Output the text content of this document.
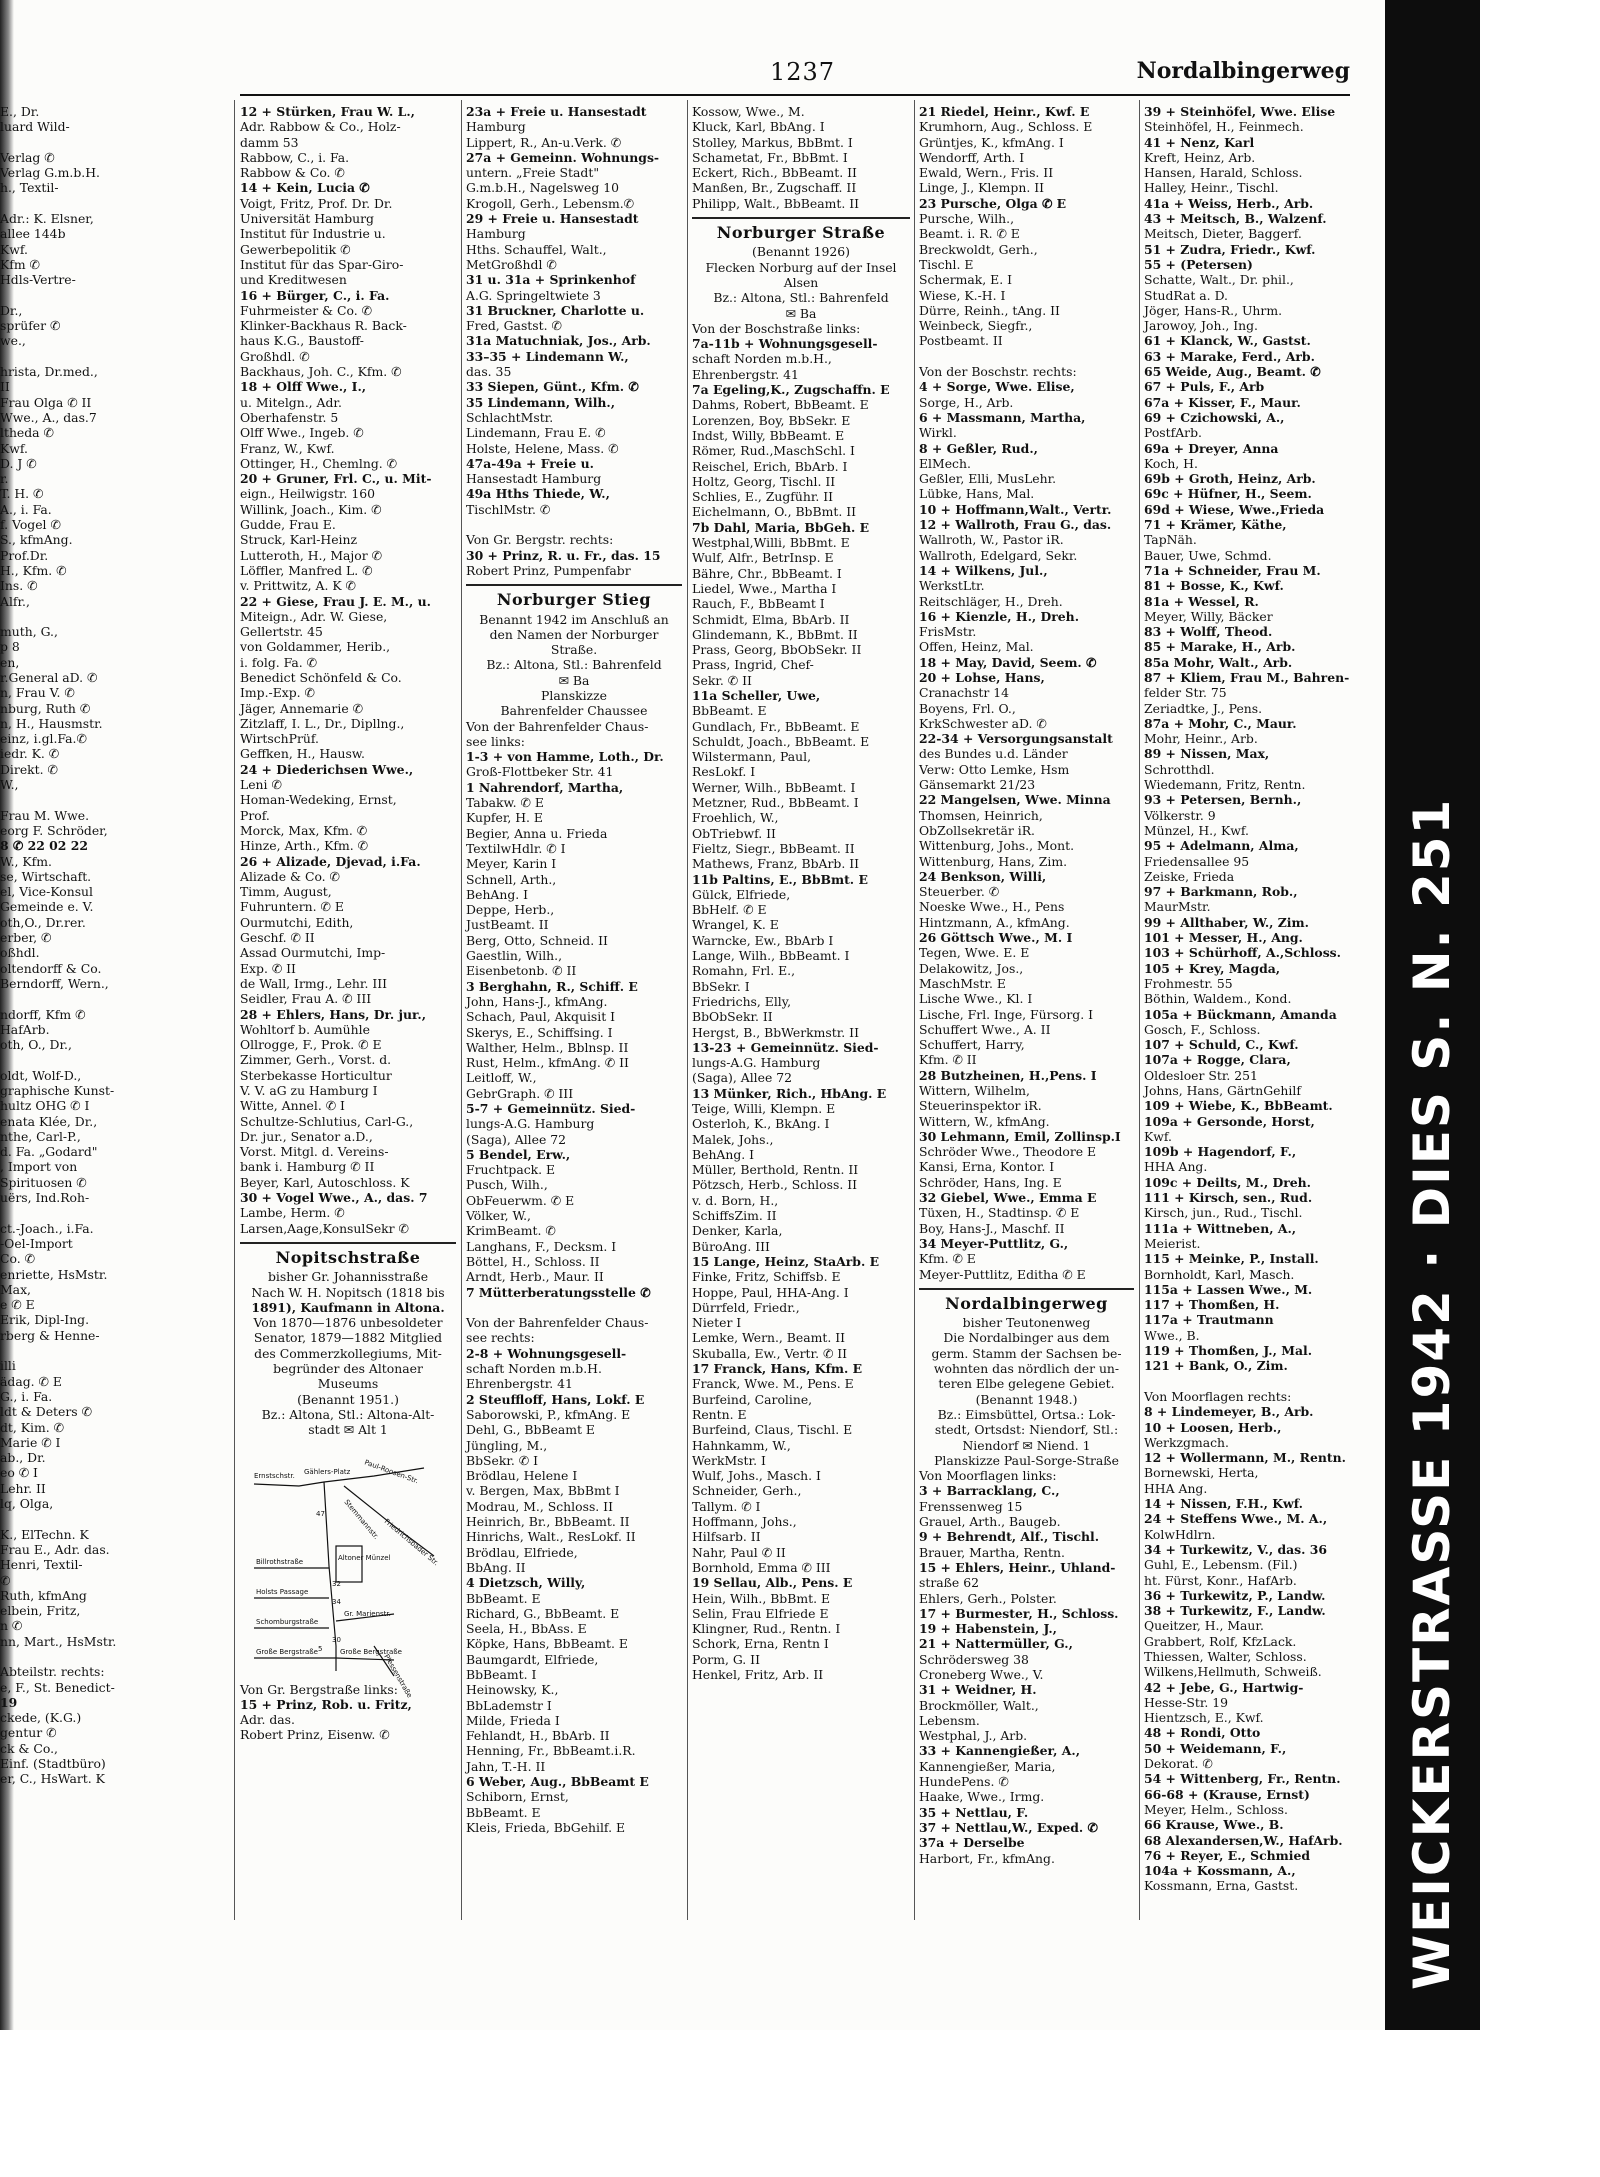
1237	Nordalbingerweg
E., Dr.
luard Wild-

Verlag ✆
Verlag G.m.b.H.
h., Textil-

Adr.: K. Elsner,
allee 144b
Kwf.
Kfm ✆
Hdls-Vertre-

Dr.,
sprüfer ✆
we.,

hrista, Dr.med.,
II
Frau Olga ✆ II
Wwe., A., das.7
ltheda ✆
Kwf.
D. J ✆
r.
T. H. ✆
A., i. Fa.
f. Vogel ✆
S., kfmAng.
Prof.Dr.
H., Kfm. ✆
Ins. ✆
Alfr.,

muth, G.,
p 8
en,
r.General aD. ✆
n, Frau V. ✆
nburg, Ruth ✆
n, H., Hausmstr.
einz, i.gl.Fa.✆
iedr. K. ✆
Direkt. ✆
W.,

Frau M. Wwe.
eorg F. Schröder,
8 ✆ 22 02 22
W., Kfm.
se, Wirtschaft.
el, Vice-Konsul
Gemeinde e. V.
oth,O., Dr.rer.
erber, ✆
oßhdl.
oltendorff & Co.
Berndorff, Wern.,

ndorff, Kfm ✆
HafArb.
oth, O., Dr.,

oldt, Wolf-D.,
graphische Kunst-
hultz OHG ✆ I
enata Klée, Dr.,
nthe, Carl-P.,
d. Fa. „Godard"
, Import von
Spirituosen ✆
uërs, Ind.Roh-

ct.-Joach., i.Fa.
-Oel-Import
Co. ✆
enriette, HsMstr.
Max,
e ✆ E
Erik, Dipl-Ing.
rberg & Henne-

illi
ädag. ✆ E
G., i. Fa.
ldt & Deters ✆
dt, Kim. ✆
Marie ✆ I
ab., Dr.
eo ✆ I
Lehr. II
lq, Olga,

K., ElTechn. K
Frau E., Adr. das.
Henri, Textil-
✆
Ruth, kfmAng
elbein, Fritz,
n ✆
nn, Mart., HsMstr.

Abteilstr. rechts:
e, F., St. Benedict-
19
ckede, (K.G.)
gentur ✆
ck & Co.,
Einf. (Stadtbüro)
er, C., HsWart. K
12 + Stürken, Frau W. L.,
Adr. Rabbow & Co., Holz-
damm 53
Rabbow, C., i. Fa.
Rabbow & Co. ✆
14 + Kein, Lucia ✆
Voigt, Fritz, Prof. Dr. Dr.
Universität Hamburg
Institut für Industrie u.
Gewerbepolitik ✆
Institut für das Spar-Giro-
und Kreditwesen
16 + Bürger, C., i. Fa.
Fuhrmeister & Co. ✆
Klinker-Backhaus R. Back-
haus K.G., Baustoff-
Großhdl. ✆
Backhaus, Joh. C., Kfm. ✆
18 + Olff Wwe., I.,
u. Mitelgn., Adr.
Oberhafenstr. 5
Olff Wwe., Ingeb. ✆
Franz, W., Kwf.
Ottinger, H., Chemlng. ✆
20 + Gruner, Frl. C., u. Mit-
eign., Heilwigstr. 160
Willink, Joach., Kim. ✆
Gudde, Frau E.
Struck, Karl-Heinz
Lutteroth, H., Major ✆
Löffler, Manfred L. ✆
v. Prittwitz, A. K ✆
22 + Giese, Frau J. E. M., u.
Miteign., Adr. W. Giese,
Gellertstr. 45
von Goldammer, Herib.,
i. folg. Fa. ✆
Benedict Schönfeld & Co.
Imp.-Exp. ✆
Jäger, Annemarie ✆
Zitzlaff, I. L., Dr., Dipllng.,
WirtschPrüf.
Geffken, H., Hausw.
24 + Diederichsen Wwe.,
Leni ✆
Homan-Wedeking, Ernst,
Prof.
Morck, Max, Kfm. ✆
Hinze, Arth., Kfm. ✆
26 + Alizade, Djevad, i.Fa.
Alizade & Co. ✆
Timm, August,
Fuhruntern. ✆ E
Ourmutchi, Edith,
Geschf. ✆ II
Assad Ourmutchi, Imp-
Exp. ✆ II
de Wall, Irmg., Lehr. III
Seidler, Frau A. ✆ III
28 + Ehlers, Hans, Dr. jur.,
Wohltorf b. Aumühle
Ollrogge, F., Prok. ✆ E
Zimmer, Gerh., Vorst. d.
Sterbekasse Horticultur
V. V. aG zu Hamburg I
Witte, Annel. ✆ I
Schultze-Schlutius, Carl-G.,
Dr. jur., Senator a.D.,
Vorst. Mitgl. d. Vereins-
bank i. Hamburg ✆ II
Beyer, Karl, Autoschloss. K
30 + Vogel Wwe., A., das. 7
Lambe, Herm. ✆
Larsen,Aage,KonsulSekr ✆
Nopitschstraße
bisher Gr. Johannisstraße
Nach W. H. Nopitsch (1818 bis
1891), Kaufmann in Altona.
Von 1870—1876 unbesoldeter
Senator, 1879—1882 Mitglied
des Commerzkollegiums, Mit-
begründer des Altonaer
Museums
(Benannt 1951.)
Bz.: Altona, Stl.: Altona-Alt-
stadt ✉ Alt 1
Ernstschstr. Gählers-Platz Paul-Roosen-Str.
Stemmannstr. Friedrichsbader Str.
Altoner Münzel
Billrothstraße
Holsts Passage
Schomburgstraße
Gr. Marienstr.
Große Bergstraße	Große Bergstraße
Plessenstraße
47
32
34
30
5
Von Gr. Bergstraße links:
15 + Prinz, Rob. u. Fritz,
Adr. das.
Robert Prinz, Eisenw. ✆
23a + Freie u. Hansestadt
Hamburg
Lippert, R., An-u.Verk. ✆
27a + Gemeinn. Wohnungs-
untern. „Freie Stadt"
G.m.b.H., Nagelsweg 10
Krogoll, Gerh., Lebensm.✆
29 + Freie u. Hansestadt
Hamburg
Hths. Schauffel, Walt.,
MetGroßhdl ✆
31 u. 31a + Sprinkenhof
A.G. Springeltwiete 3
31 Bruckner, Charlotte u.
Fred, Gastst. ✆
31a Matuchniak, Jos., Arb.
33–35 + Lindemann W.,
das. 35
33 Siepen, Günt., Kfm. ✆
35 Lindemann, Wilh.,
SchlachtMstr.
Lindemann, Frau E. ✆
Holste, Helene, Mass. ✆
47a-49a + Freie u.
Hansestadt Hamburg
49a Hths Thiede, W.,
TischlMstr. ✆

Von Gr. Bergstr. rechts:
30 + Prinz, R. u. Fr., das. 15
Robert Prinz, Pumpenfabr
Norburger Stieg
Benannt 1942 im Anschluß an
den Namen der Norburger
Straße.
Bz.: Altona, Stl.: Bahrenfeld
✉ Ba
Planskizze
Bahrenfelder Chaussee
Von der Bahrenfelder Chaus-
see links:
1-3 + von Hamme, Loth., Dr.
Groß-Flottbeker Str. 41
1 Nahrendorf, Martha,
Tabakw. ✆ E
Kupfer, H. E
Begier, Anna u. Frieda
TextilwHdlr. ✆ I
Meyer, Karin I
Schnell, Arth.,
BehAng. I
Deppe, Herb.,
JustBeamt. II
Berg, Otto, Schneid. II
Gaestlin, Wilh.,
Eisenbetonb. ✆ II
3 Berghahn, R., Schiff. E
John, Hans-J., kfmAng.
Schach, Paul, Akquisit I
Skerys, E., Schiffsing. I
Walther, Helm., Bblnsp. II
Rust, Helm., kfmAng. ✆ II
Leitloff, W.,
GebrGraph. ✆ III
5-7 + Gemeinnütz. Sied-
lungs-A.G. Hamburg
(Saga), Allee 72
5 Bendel, Erw.,
Fruchtpack. E
Pusch, Wilh.,
ObFeuerwm. ✆ E
Völker, W.,
KrimBeamt. ✆
Langhans, F., Decksm. I
Böttel, H., Schloss. II
Arndt, Herb., Maur. II
7 Mütterberatungsstelle ✆

Von der Bahrenfelder Chaus-
see rechts:
2-8 + Wohnungsgesell-
schaft Norden m.b.H.
Ehrenbergstr. 41
2 Steuffloff, Hans, Lokf. E
Saborowski, P., kfmAng. E
Dehl, G., BbBeamt E
Jüngling, M.,
BbSekr. ✆ I
Brödlau, Helene I
v. Bergen, Max, BbBmt I
Modrau, M., Schloss. II
Heinrich, Br., BbBeamt. II
Hinrichs, Walt., ResLokf. II
Brödlau, Elfriede,
BbAng. II
4 Dietzsch, Willy,
BbBeamt. E
Richard, G., BbBeamt. E
Seela, H., BbAss. E
Köpke, Hans, BbBeamt. E
Baumgardt, Elfriede,
BbBeamt. I
Heinowsky, K.,
BbLademstr I
Milde, Frieda I
Fehlandt, H., BbArb. II
Henning, Fr., BbBeamt.i.R.
Jahn, T.-H. II
6 Weber, Aug., BbBeamt E
Schiborn, Ernst,
BbBeamt. E
Kleis, Frieda, BbGehilf. E
Kossow, Wwe., M.
Kluck, Karl, BbAng. I
Stolley, Markus, BbBmt. I
Schametat, Fr., BbBmt. I
Eckert, Rich., BbBeamt. II
Manßen, Br., Zugschaff. II
Philipp, Walt., BbBeamt. II
Norburger Straße
(Benannt 1926)
Flecken Norburg auf der Insel
Alsen
Bz.: Altona, Stl.: Bahrenfeld
✉ Ba
Von der Boschstraße links:
7a-11b + Wohnungsgesell-
schaft Norden m.b.H.,
Ehrenbergstr. 41
7a Egeling,K., Zugschaffn. E
Dahms, Robert, BbBeamt. E
Lorenzen, Boy, BbSekr. E
Indst, Willy, BbBeamt. E
Römer, Rud.,MaschSchl. I
Reischel, Erich, BbArb. I
Holtz, Georg, Tischl. II
Schlies, E., Zugführ. II
Eichelmann, O., BbBmt. II
7b Dahl, Maria, BbGeh. E
Westphal,Willi, BbBmt. E
Wulf, Alfr., BetrInsp. E
Bähre, Chr., BbBeamt. I
Liedel, Wwe., Martha I
Rauch, F., BbBeamt I
Schmidt, Elma, BbArb. II
Glindemann, K., BbBmt. II
Prass, Georg, BbObSekr. II
Prass, Ingrid, Chef-
Sekr. ✆ II
11a Scheller, Uwe,
BbBeamt. E
Gundlach, Fr., BbBeamt. E
Schuldt, Joach., BbBeamt. E
Wilstermann, Paul,
ResLokf. I
Werner, Wilh., BbBeamt. I
Metzner, Rud., BbBeamt. I
Froehlich, W.,
ObTriebwf. II
Fieltz, Siegr., BbBeamt. II
Mathews, Franz, BbArb. II
11b Paltins, E., BbBmt. E
Gülck, Elfriede,
BbHelf. ✆ E
Wrangel, K. E
Warncke, Ew., BbArb I
Lange, Wilh., BbBeamt. I
Romahn, Frl. E.,
BbSekr. I
Friedrichs, Elly,
BbObSekr. II
Hergst, B., BbWerkmstr. II
13-23 + Gemeinnütz. Sied-
lungs-A.G. Hamburg
(Saga), Allee 72
13 Münker, Rich., HbAng. E
Teige, Willi, Klempn. E
Osterloh, K., BkAng. I
Malek, Johs.,
BehAng. I
Müller, Berthold, Rentn. II
Pötzsch, Herb., Schloss. II
v. d. Born, H.,
SchiffsZim. II
Denker, Karla,
BüroAng. III
15 Lange, Heinz, StaArb. E
Finke, Fritz, Schiffsb. E
Hoppe, Paul, HHA-Ang. I
Dürrfeld, Friedr.,
Nieter I
Lemke, Wern., Beamt. II
Skuballa, Ew., Vertr. ✆ II
17 Franck, Hans, Kfm. E
Franck, Wwe. M., Pens. E
Burfeind, Caroline,
Rentn. E
Burfeind, Claus, Tischl. E
Hahnkamm, W.,
WerkMstr. I
Wulf, Johs., Masch. I
Schneider, Gerh.,
Tallym. ✆ I
Hoffmann, Johs.,
Hilfsarb. II
Nahr, Paul ✆ II
Bornhold, Emma ✆ III
19 Sellau, Alb., Pens. E
Hein, Wilh., BbBmt. E
Selin, Frau Elfriede E
Klingner, Rud., Rentn. I
Schork, Erna, Rentn I
Porm, G. II
Henkel, Fritz, Arb. II
21 Riedel, Heinr., Kwf. E
Krumhorn, Aug., Schloss. E
Grüntjes, K., kfmAng. I
Wendorff, Arth. I
Ewald, Wern., Fris. II
Linge, J., Klempn. II
23 Pursche, Olga ✆ E
Pursche, Wilh.,
Beamt. i. R. ✆ E
Breckwoldt, Gerh.,
Tischl. E
Schermak, E. I
Wiese, K.-H. I
Dürre, Reinh., tAng. II
Weinbeck, Siegfr.,
Postbeamt. II

Von der Boschstr. rechts:
4 + Sorge, Wwe. Elise,
Sorge, H., Arb.
6 + Massmann, Martha,
Wirkl.
8 + Geßler, Rud.,
ElMech.
Geßler, Elli, MusLehr.
Lübke, Hans, Mal.
10 + Hoffmann,Walt., Vertr.
12 + Wallroth, Frau G., das.
Wallroth, W., Pastor iR.
Wallroth, Edelgard, Sekr.
14 + Wilkens, Jul.,
WerkstLtr.
Reitschläger, H., Dreh.
16 + Kienzle, H., Dreh.
FrisMstr.
Offen, Heinz, Mal.
18 + May, David, Seem. ✆
20 + Lohse, Hans,
Cranachstr 14
Boyens, Frl. O.,
KrkSchwester aD. ✆
22-34 + Versorgungsanstalt
des Bundes u.d. Länder
Verw: Otto Lemke, Hsm
Gänsemarkt 21/23
22 Mangelsen, Wwe. Minna
Thomsen, Heinrich,
ObZollsekretär iR.
Wittenburg, Johs., Mont.
Wittenburg, Hans, Zim.
24 Benkson, Willi,
Steuerber. ✆
Noeske Wwe., H., Pens
Hintzmann, A., kfmAng.
26 Göttsch Wwe., M. I
Tegen, Wwe. E. E
Delakowitz, Jos.,
MaschMstr. E
Lische Wwe., Kl. I
Lische, Frl. Inge, Fürsorg. I
Schuffert Wwe., A. II
Schuffert, Harry,
Kfm. ✆ II
28 Butzheinen, H.,Pens. I
Wittern, Wilhelm,
Steuerinspektor iR.
Wittern, W., kfmAng.
30 Lehmann, Emil, Zollinsp.I
Schröder Wwe., Theodore E
Kansi, Erna, Kontor. I
Schröder, Hans, Ing. E
32 Giebel, Wwe., Emma E
Tüxen, H., Stadtinsp. ✆ E
Boy, Hans-J., Maschf. II
34 Meyer-Puttlitz, G.,
Kfm. ✆ E
Meyer-Puttlitz, Editha ✆ E
Nordalbingerweg
bisher Teutonenweg
Die Nordalbinger aus dem
germ. Stamm der Sachsen be-
wohnten das nördlich der un-
teren Elbe gelegene Gebiet.
(Benannt 1948.)
Bz.: Eimsbüttel, Ortsa.: Lok-
stedt, Ortsdst: Niendorf, Stl.:
Niendorf ✉ Niend. 1
Planskizze Paul-Sorge-Straße
Von Moorflagen links:
3 + Barracklang, C.,
Frenssenweg 15
Grauel, Arth., Baugeb.
9 + Behrendt, Alf., Tischl.
Brauer, Martha, Rentn.
15 + Ehlers, Heinr., Uhland-
straße 62
Ehlers, Gerh., Polster.
17 + Burmester, H., Schloss.
19 + Habenstein, J.,
21 + Nattermüller, G.,
Schrödersweg 38
Croneberg Wwe., V.
31 + Weidner, H.
Brockmöller, Walt.,
Lebensm.
Westphal, J., Arb.
33 + Kannengießer, A.,
Kannengießer, Maria,
HundePens. ✆
Haake, Wwe., Irmg.
35 + Nettlau, F.
37 + Nettlau,W., Exped. ✆
37a + Derselbe
Harbort, Fr., kfmAng.
39 + Steinhöfel, Wwe. Elise
Steinhöfel, H., Feinmech.
41 + Nenz, Karl
Kreft, Heinz, Arb.
Hansen, Harald, Schloss.
Halley, Heinr., Tischl.
41a + Weiss, Herb., Arb.
43 + Meitsch, B., Walzenf.
Meitsch, Dieter, Baggerf.
51 + Zudra, Friedr., Kwf.
55 + (Petersen)
Schatte, Walt., Dr. phil.,
StudRat a. D.
Jöger, Hans-R., Uhrm.
Jarowoy, Joh., Ing.
61 + Klanck, W., Gastst.
63 + Marake, Ferd., Arb.
65 Weide, Aug., Beamt. ✆
67 + Puls, F., Arb
67a + Kisser, F., Maur.
69 + Czichowski, A.,
PostfArb.
69a + Dreyer, Anna
Koch, H.
69b + Groth, Heinz, Arb.
69c + Hüfner, H., Seem.
69d + Wiese, Wwe.,Frieda
71 + Krämer, Käthe,
TapNäh.
Bauer, Uwe, Schmd.
71a + Schneider, Frau M.
81 + Bosse, K., Kwf.
81a + Wessel, R.
Meyer, Willy, Bäcker
83 + Wolff, Theod.
85 + Marake, H., Arb.
85a Mohr, Walt., Arb.
87 + Kliem, Frau M., Bahren-
felder Str. 75
Zeriadtke, J., Pens.
87a + Mohr, C., Maur.
Mohr, Heinr., Arb.
89 + Nissen, Max,
Schrotthdl.
Wiedemann, Fritz, Rentn.
93 + Petersen, Bernh.,
Völkerstr. 9
Münzel, H., Kwf.
95 + Adelmann, Alma,
Friedensallee 95
Zeiske, Frieda
97 + Barkmann, Rob.,
MaurMstr.
99 + Allthaber, W., Zim.
101 + Messer, H., Ang.
103 + Schürhoff, A.,Schloss.
105 + Krey, Magda,
Frohmestr. 55
Böthin, Waldem., Kond.
105a + Bückmann, Amanda
Gosch, F., Schloss.
107 + Schuld, C., Kwf.
107a + Rogge, Clara,
Oldesloer Str. 251
Johns, Hans, GärtnGehilf
109 + Wiebe, K., BbBeamt.
109a + Gersonde, Horst,
Kwf.
109b + Hagendorf, F.,
HHA Ang.
109c + Deilts, M., Dreh.
111 + Kirsch, sen., Rud.
Kirsch, jun., Rud., Tischl.
111a + Wittneben, A.,
Meierist.
115 + Meinke, P., Install.
Bornholdt, Karl, Masch.
115a + Lassen Wwe., M.
117 + Thomßen, H.
117a + Trautmann
Wwe., B.
119 + Thomßen, J., Mal.
121 + Bank, O., Zim.

Von Moorflagen rechts:
8 + Lindemeyer, B., Arb.
10 + Loosen, Herb.,
Werkzgmach.
12 + Wollermann, M., Rentn.
Bornewski, Herta,
HHA Ang.
14 + Nissen, F.H., Kwf.
24 + Steffens Wwe., M. A.,
KolwHdlrn.
34 + Turkewitz, V., das. 36
Guhl, E., Lebensm. (Fil.)
ht. Fürst, Konr., HafArb.
36 + Turkewitz, P., Landw.
38 + Turkewitz, F., Landw.
Queitzer, H., Maur.
Grabbert, Rolf, KfzLack.
Thiessen, Walter, Schloss.
Wilkens,Hellmuth, Schweiß.
42 + Jebe, G., Hartwig-
Hesse-Str. 19
Hientzsch, E., Kwf.
48 + Rondi, Otto
50 + Weidemann, F.,
Dekorat. ✆
54 + Wittenberg, Fr., Rentn.
66-68 + (Krause, Ernst)
Meyer, Helm., Schloss.
66 Krause, Wwe., B.
68 Alexandersen,W., HafArb.
76 + Reyer, E., Schmied
104a + Kossmann, A.,
Kossmann, Erna, Gastst.	WEICKERSTRASSE 1942 · DIES S. N. 251
